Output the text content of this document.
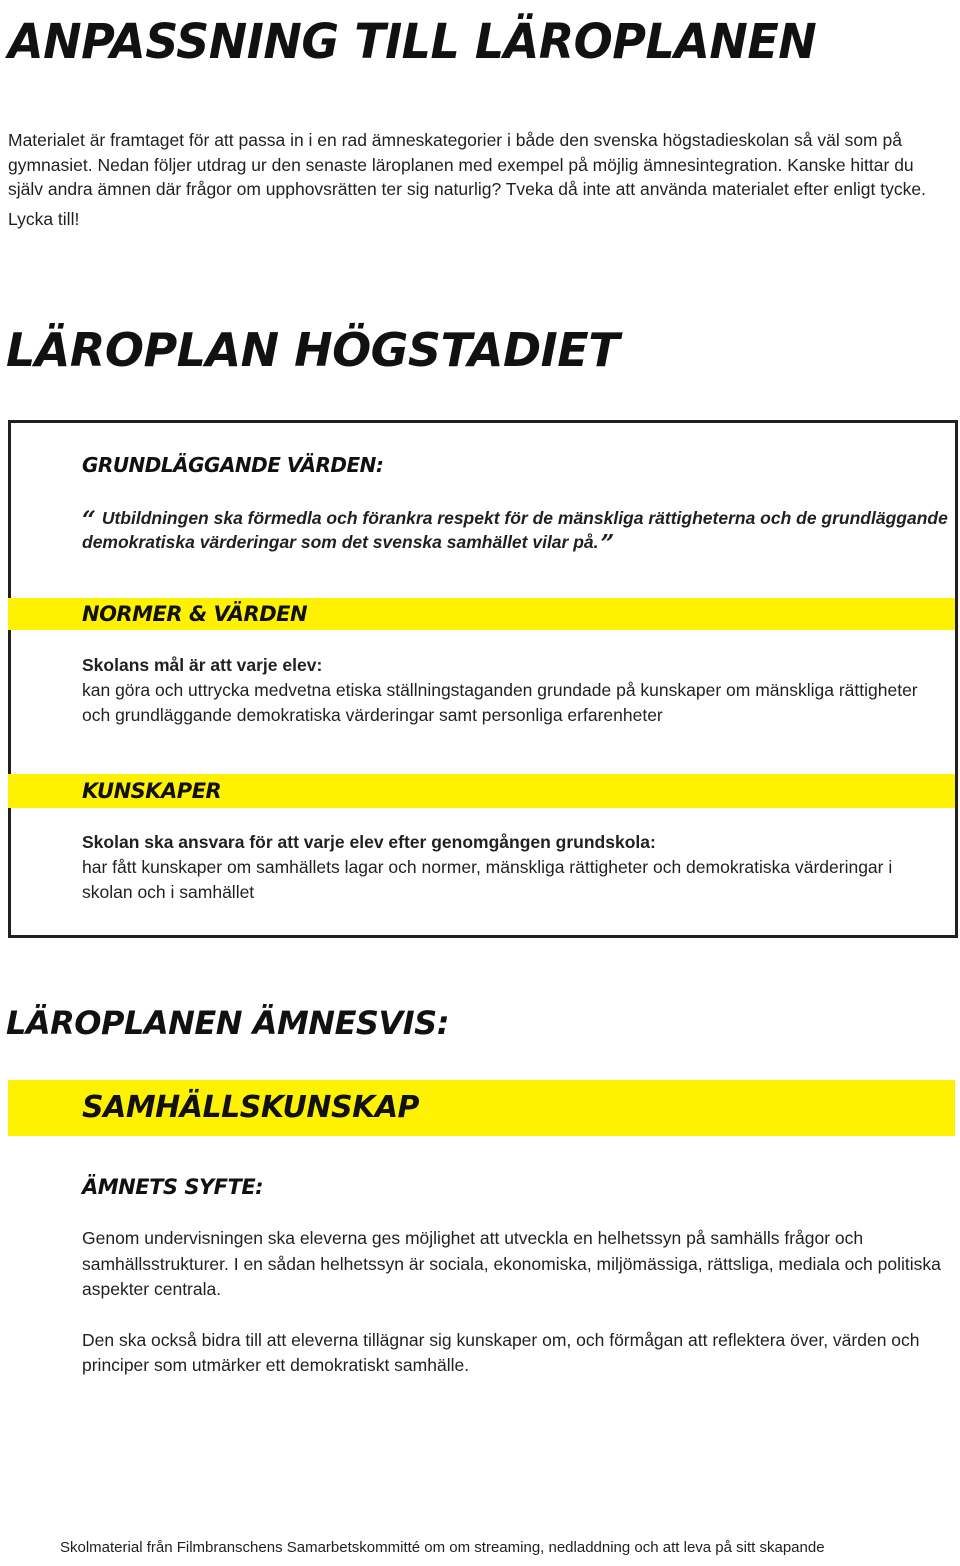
ANPASSNING TILL LÄROPLANEN

Materialet är framtaget för att passa in i en rad ämneskategorier i både den svenska högstadieskolan så väl som på gymnasiet. Nedan följer utdrag ur den senaste läroplanen med exempel på möjlig ämnesintegration. Kanske hittar du själv andra ämnen där frågor om upphovsrätten ter sig naturlig? Tveka då inte att använda materialet efter enligt tycke.

Lycka till!

LÄROPLAN HÖGSTADIET
GRUNDLÄGGANDE VÄRDEN:
“ Utbildningen ska förmedla och förankra respekt för de mänskliga rättigheterna och de grundläggande demokratiska värderingar som det svenska samhället vilar på.”
NORMER & VÄRDEN
Skolans mål är att varje elev:
kan göra och uttrycka medvetna etiska ställningstaganden grundade på kunskaper om mänskliga rättigheter och grundläggande demokratiska värderingar samt personliga erfarenheter
KUNSKAPER
Skolan ska ansvara för att varje elev efter genomgången grundskola:
har fått kunskaper om samhällets lagar och normer, mänskliga rättigheter och demokratiska värderingar i skolan och i samhället
LÄROPLANEN ÄMNESVIS:
SAMHÄLLSKUNSKAP
ÄMNETS SYFTE:

Genom undervisningen ska eleverna ges möjlighet att utveckla en helhetssyn på samhälls frågor och samhällsstrukturer. I en sådan helhetssyn är sociala, ekonomiska, miljömässiga, rättsliga, mediala och politiska aspekter centrala.

Den ska också bidra till att eleverna tillägnar sig kunskaper om, och förmågan att reflektera över, värden och principer som utmärker ett demokratiskt samhälle.

Skolmaterial från Filmbranschens Samarbetskommitté om om streaming, nedladdning och att leva på sitt skapande
